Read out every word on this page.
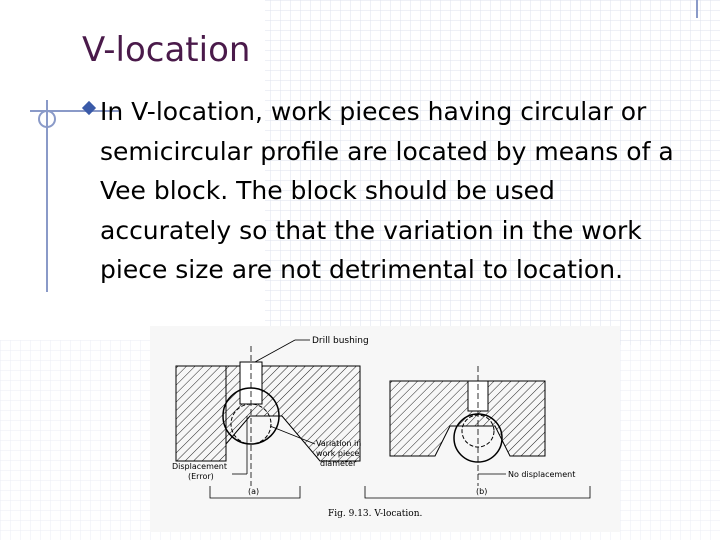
V-location
In V-location, work pieces having circular or semicircular profile are located by means of a Vee block. The block should be used accurately so that the variation in the work piece size are not detrimental to location.
Drill bushing
Variation in
work piece
diameter
Displacement
(Error)
(a)
No displacement
(b)
Fig. 9.13. V-location.
